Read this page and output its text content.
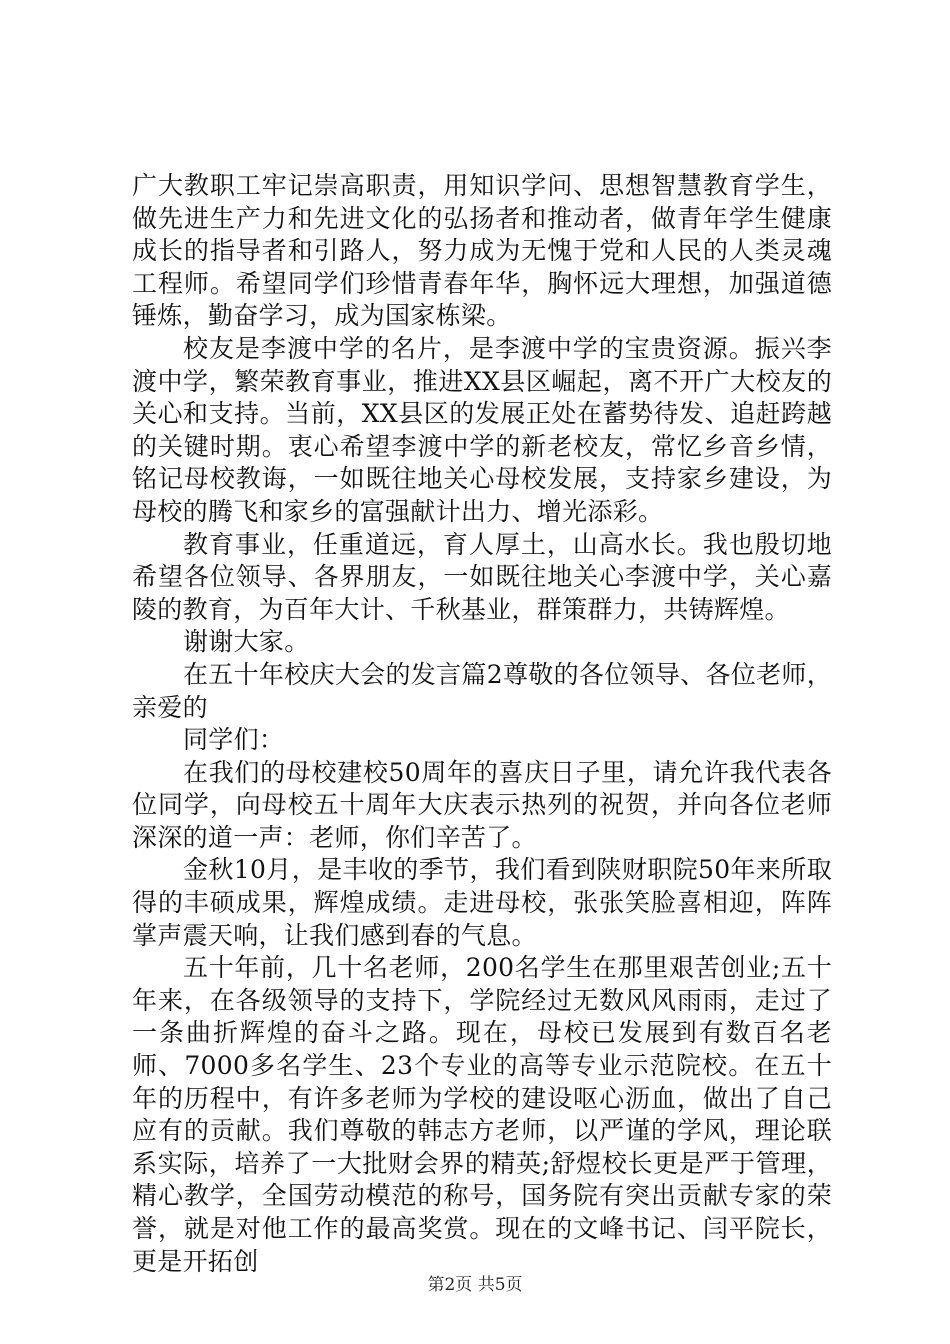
广大教职工牢记崇高职责，用知识学问、思想智慧教育学生，做先进生产力和先进文化的弘扬者和推动者，做青年学生健康成长的指导者和引路人，努力成为无愧于党和人民的人类灵魂工程师。希望同学们珍惜青春年华，胸怀远大理想，加强道德锤炼，勤奋学习，成为国家栋梁。

校友是李渡中学的名片，是李渡中学的宝贵资源。振兴李渡中学，繁荣教育事业，推进XX县区崛起，离不开广大校友的关心和支持。当前，XX县区的发展正处在蓄势待发、追赶跨越的关键时期。衷心希望李渡中学的新老校友，常忆乡音乡情，铭记母校教诲，一如既往地关心母校发展，支持家乡建设，为母校的腾飞和家乡的富强献计出力、增光添彩。

教育事业，任重道远，育人厚土，山高水长。我也殷切地希望各位领导、各界朋友，一如既往地关心李渡中学，关心嘉陵的教育，为百年大计、千秋基业，群策群力，共铸辉煌。

谢谢大家。

在五十年校庆大会的发言篇2尊敬的各位领导、各位老师，亲爱的

同学们：

在我们的母校建校50周年的喜庆日子里，请允许我代表各位同学，向母校五十周年大庆表示热列的祝贺，并向各位老师深深的道一声：老师，你们辛苦了。

金秋10月，是丰收的季节，我们看到陕财职院50年来所取得的丰硕成果，辉煌成绩。走进母校，张张笑脸喜相迎，阵阵掌声震天响，让我们感到春的气息。

五十年前，几十名老师，200名学生在那里艰苦创业;五十年来，在各级领导的支持下，学院经过无数风风雨雨，走过了一条曲折辉煌的奋斗之路。现在，母校已发展到有数百名老师、7000多名学生、23个专业的高等专业示范院校。在五十年的历程中，有许多老师为学校的建设呕心沥血，做出了自己应有的贡献。我们尊敬的韩志方老师，以严谨的学风，理论联系实际，培养了一大批财会界的精英;舒煜校长更是严于管理，精心教学，全国劳动模范的称号，国务院有突出贡献专家的荣誉，就是对他工作的最高奖赏。现在的文峰书记、闫平院长，更是开拓创

第2页 共5页
